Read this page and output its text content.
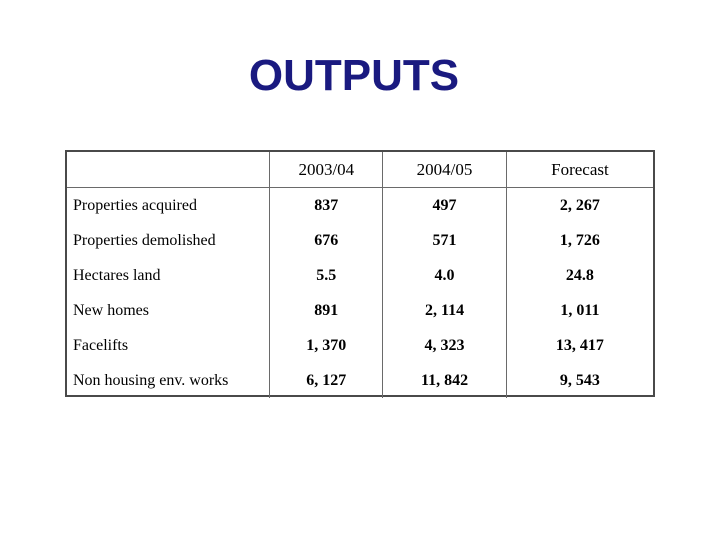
OUTPUTS
	2003/04	2004/05	Forecast
Properties acquired	837	497	2, 267
Properties demolished	676	571	1, 726
Hectares land	5.5	4.0	24.8
New homes	891	2, 114	1, 011
Facelifts	1, 370	4, 323	13, 417
Non housing env. works	6, 127	11, 842	9, 543
